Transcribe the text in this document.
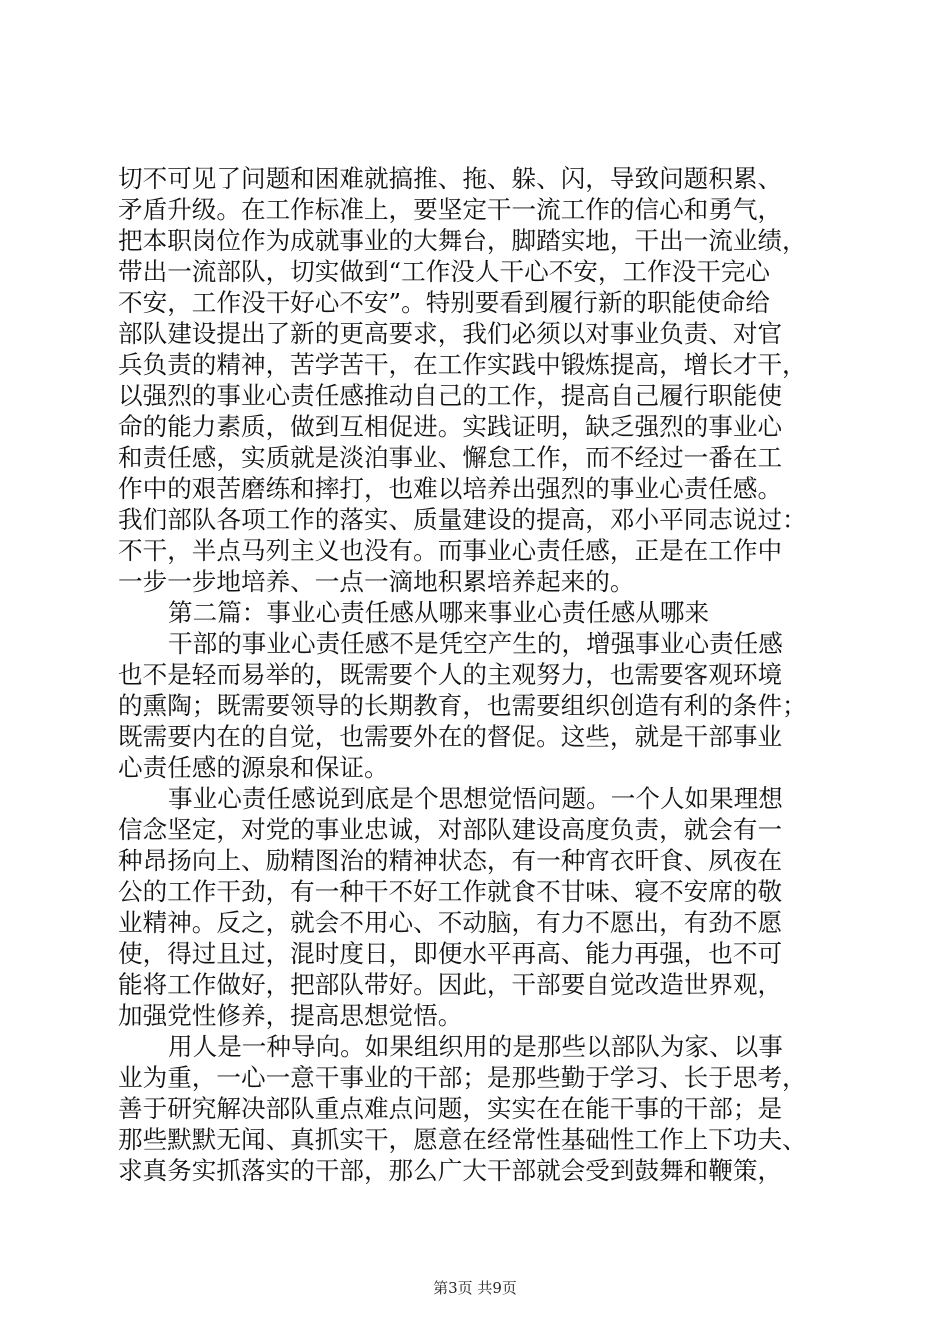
切不可见了问题和困难就搞推、拖、躲、闪，导致问题积累、
矛盾升级。在工作标准上，要坚定干一流工作的信心和勇气，
把本职岗位作为成就事业的大舞台，脚踏实地，干出一流业绩，
带出一流部队，切实做到“工作没人干心不安，工作没干完心
不安，工作没干好心不安”。特别要看到履行新的职能使命给
部队建设提出了新的更高要求，我们必须以对事业负责、对官
兵负责的精神，苦学苦干，在工作实践中锻炼提高，增长才干，
以强烈的事业心责任感推动自己的工作，提高自己履行职能使
命的能力素质，做到互相促进。实践证明，缺乏强烈的事业心
和责任感，实质就是淡泊事业、懈怠工作，而不经过一番在工
作中的艰苦磨练和摔打，也难以培养出强烈的事业心责任感。
我们部队各项工作的落实、质量建设的提高，邓小平同志说过：
不干，半点马列主义也没有。而事业心责任感，正是在工作中
一步一步地培养、一点一滴地积累培养起来的。
第二篇：事业心责任感从哪来事业心责任感从哪来
干部的事业心责任感不是凭空产生的，增强事业心责任感
也不是轻而易举的，既需要个人的主观努力，也需要客观环境
的熏陶；既需要领导的长期教育，也需要组织创造有利的条件；
既需要内在的自觉，也需要外在的督促。这些，就是干部事业
心责任感的源泉和保证。
事业心责任感说到底是个思想觉悟问题。一个人如果理想
信念坚定，对党的事业忠诚，对部队建设高度负责，就会有一
种昂扬向上、励精图治的精神状态，有一种宵衣旰食、夙夜在
公的工作干劲，有一种干不好工作就食不甘味、寝不安席的敬
业精神。反之，就会不用心、不动脑，有力不愿出，有劲不愿
使，得过且过，混时度日，即便水平再高、能力再强，也不可
能将工作做好，把部队带好。因此，干部要自觉改造世界观，
加强党性修养，提高思想觉悟。
用人是一种导向。如果组织用的是那些以部队为家、以事
业为重，一心一意干事业的干部；是那些勤于学习、长于思考，
善于研究解决部队重点难点问题，实实在在能干事的干部；是
那些默默无闻、真抓实干，愿意在经常性基础性工作上下功夫、
求真务实抓落实的干部，那么广大干部就会受到鼓舞和鞭策，
第3页 共9页
